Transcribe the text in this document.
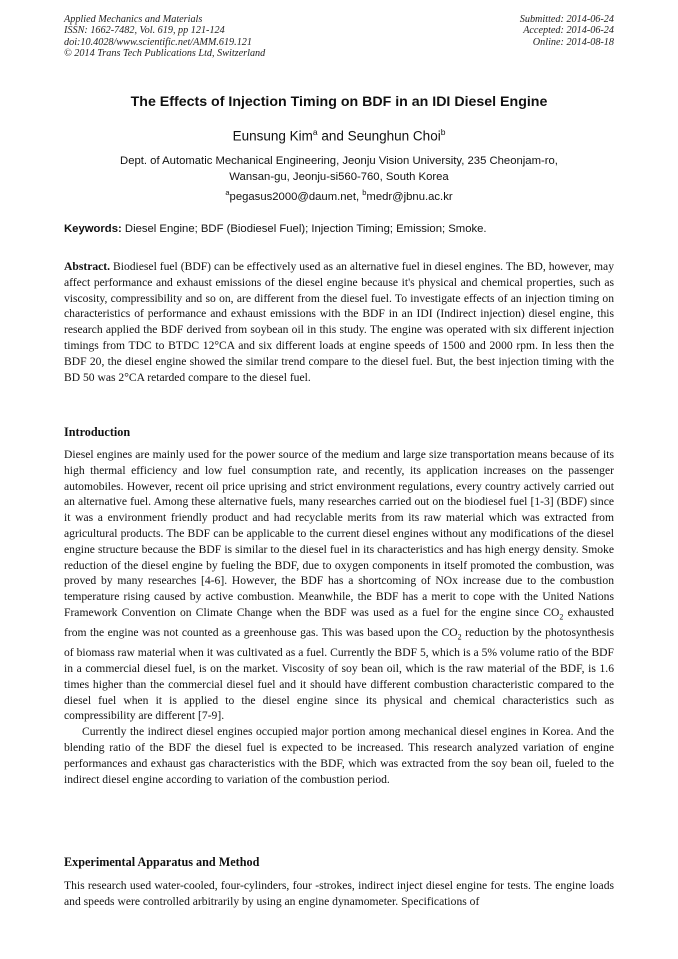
Applied Mechanics and Materials
ISSN: 1662-7482, Vol. 619, pp 121-124
doi:10.4028/www.scientific.net/AMM.619.121
© 2014 Trans Tech Publications Ltd, Switzerland
Submitted: 2014-06-24
Accepted: 2014-06-24
Online: 2014-08-18
The Effects of Injection Timing on BDF in an IDI Diesel Engine
Eunsung Kim$^a$ and Seunghun Choi$^b$
Dept. of Automatic Mechanical Engineering, Jeonju Vision University, 235 Cheonjam-ro,
Wansan-gu, Jeonju-si560-760, South Korea
$^a$pegasus2000@daum.net, $^b$medr@jbnu.ac.kr
Keywords: Diesel Engine; BDF (Biodiesel Fuel); Injection Timing; Emission; Smoke.
Abstract. Biodiesel fuel (BDF) can be effectively used as an alternative fuel in diesel engines. The BD, however, may affect performance and exhaust emissions of the diesel engine because it's physical and chemical properties, such as viscosity, compressibility and so on, are different from the diesel fuel. To investigate effects of an injection timing on characteristics of performance and exhaust emissions with the BDF in an IDI (Indirect injection) diesel engine, this research applied the BDF derived from soybean oil in this study. The engine was operated with six different injection timings from TDC to BTDC 12°CA and six different loads at engine speeds of 1500 and 2000 rpm. In less then the BDF 20, the diesel engine showed the similar trend compare to the diesel fuel. But, the best injection timing with the BD 50 was 2°CA retarded compare to the diesel fuel.
Introduction

Diesel engines are mainly used for the power source of the medium and large size transportation means because of its high thermal efficiency and low fuel consumption rate, and recently, its application increases on the passenger automobiles. However, recent oil price uprising and strict environment regulations, every country actively carried out an alternative fuel. Among these alternative fuels, many researches carried out on the biodiesel fuel [1-3] (BDF) since it was a environment friendly product and had recyclable merits from its raw material which was extracted from agricultural products. The BDF can be applicable to the current diesel engines without any modifications of the diesel engine structure because the BDF is similar to the diesel fuel in its characteristics and has high energy density. Smoke reduction of the diesel engine by fueling the BDF, due to oxygen components in itself promoted the combustion, was proved by many researches [4-6]. However, the BDF has a shortcoming of NOx increase due to the combustion temperature rising caused by active combustion. Meanwhile, the BDF has a merit to cope with the United Nations Framework Convention on Climate Change when the BDF was used as a fuel for the engine since $CO_2$ exhausted from the engine was not counted as a greenhouse gas. This was based upon the $CO_2$ reduction by the photosynthesis of biomass raw material when it was cultivated as a fuel. Currently the BDF 5, which is a 5% volume ratio of the BDF in a commercial diesel fuel, is on the market. Viscosity of soy bean oil, which is the raw material of the BDF, is 1.6 times higher than the commercial diesel fuel and it should have different combustion characteristic compared to the diesel fuel when it is applied to the diesel engine since its physical and chemical characteristics such as compressibility are different [7-9].

Currently the indirect diesel engines occupied major portion among mechanical diesel engines in Korea. And the blending ratio of the BDF the diesel fuel is expected to be increased. This research analyzed variation of engine performances and exhaust gas characteristics with the BDF, which was extracted from the soy bean oil, fueled to the indirect diesel engine according to variation of the combustion period.

Experimental Apparatus and Method

This research used water-cooled, four-cylinders, four -strokes, indirect inject diesel engine for tests. The engine loads and speeds were controlled arbitrarily by using an engine dynamometer. Specifications of
